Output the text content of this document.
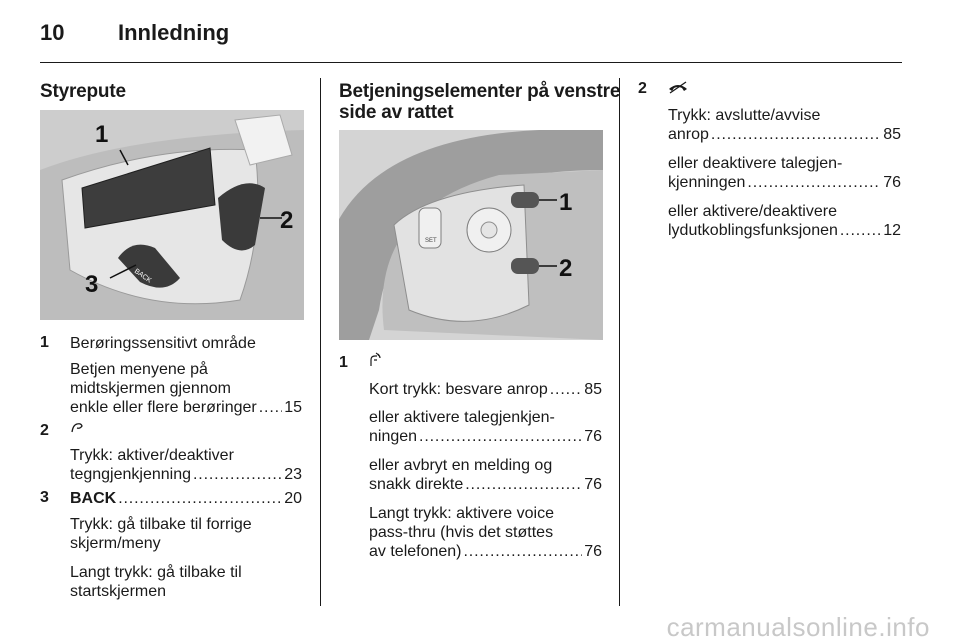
10 Innledning
Styrepute
BACK
1
2
3
1 Berøringssensitivt område
Betjen menyene på
midtskjermen gjennom
enkle eller flere berøringer . . . 15
2
Trykk: aktiver/deaktiver
tegngjenkjenning . . .	23
3 BACK . . .	20
Trykk: gå tilbake til forrige
skjerm/meny
Langt trykk: gå tilbake til
startskjermen
Betjeningselementer på venstre
side av rattet
SET
1
2
1
Kort trykk: besvare anrop . . . 85
eller aktivere talegjenkjen-
ningen . . .	76
eller avbryt en melding og
snakk direkte . . .	76
Langt trykk: aktivere voice
pass-thru (hvis det støttes
av telefonen) . . .	76
2
Trykk: avslutte/avvise
anrop . . .	85
eller deaktivere talegjen-
kjenningen . . .	76
eller aktivere/deaktivere
lydutkoblingsfunksjonen . . .	12
carmanualsonline.info
